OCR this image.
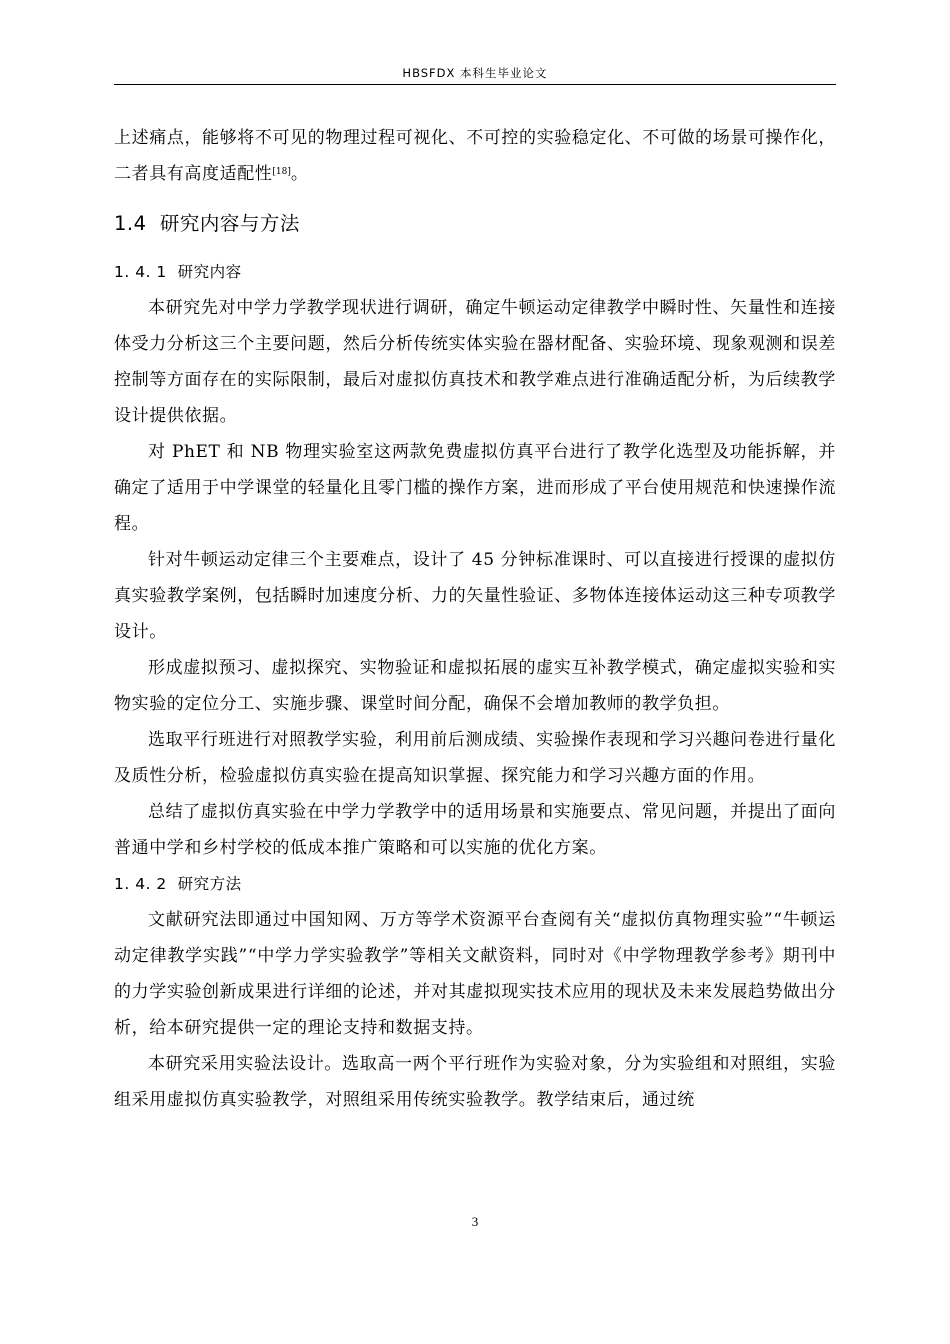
HBSFDX 本科生毕业论文

上述痛点，能够将不可见的物理过程可视化、不可控的实验稳定化、不可做的场景可操作化，二者具有高度适配性[18]。

1.4 研究内容与方法
1. 4. 1 研究内容

本研究先对中学力学教学现状进行调研，确定牛顿运动定律教学中瞬时性、矢量性和连接体受力分析这三个主要问题，然后分析传统实体实验在器材配备、实验环境、现象观测和误差控制等方面存在的实际限制，最后对虚拟仿真技术和教学难点进行准确适配分析，为后续教学设计提供依据。

对 PhET 和 NB 物理实验室这两款免费虚拟仿真平台进行了教学化选型及功能拆解，并确定了适用于中学课堂的轻量化且零门槛的操作方案，进而形成了平台使用规范和快速操作流程。

针对牛顿运动定律三个主要难点，设计了 45 分钟标准课时、可以直接进行授课的虚拟仿真实验教学案例，包括瞬时加速度分析、力的矢量性验证、多物体连接体运动这三种专项教学设计。

形成虚拟预习、虚拟探究、实物验证和虚拟拓展的虚实互补教学模式，确定虚拟实验和实物实验的定位分工、实施步骤、课堂时间分配，确保不会增加教师的教学负担。

选取平行班进行对照教学实验，利用前后测成绩、实验操作表现和学习兴趣问卷进行量化及质性分析，检验虚拟仿真实验在提高知识掌握、探究能力和学习兴趣方面的作用。

总结了虚拟仿真实验在中学力学教学中的适用场景和实施要点、常见问题，并提出了面向普通中学和乡村学校的低成本推广策略和可以实施的优化方案。

1. 4. 2 研究方法

文献研究法即通过中国知网、万方等学术资源平台查阅有关“虚拟仿真物理实验”“牛顿运动定律教学实践”“中学力学实验教学”等相关文献资料，同时对《中学物理教学参考》期刊中的力学实验创新成果进行详细的论述，并对其虚拟现实技术应用的现状及未来发展趋势做出分析，给本研究提供一定的理论支持和数据支持。

本研究采用实验法设计。选取高一两个平行班作为实验对象，分为实验组和对照组，实验组采用虚拟仿真实验教学，对照组采用传统实验教学。教学结束后，通过统

3
